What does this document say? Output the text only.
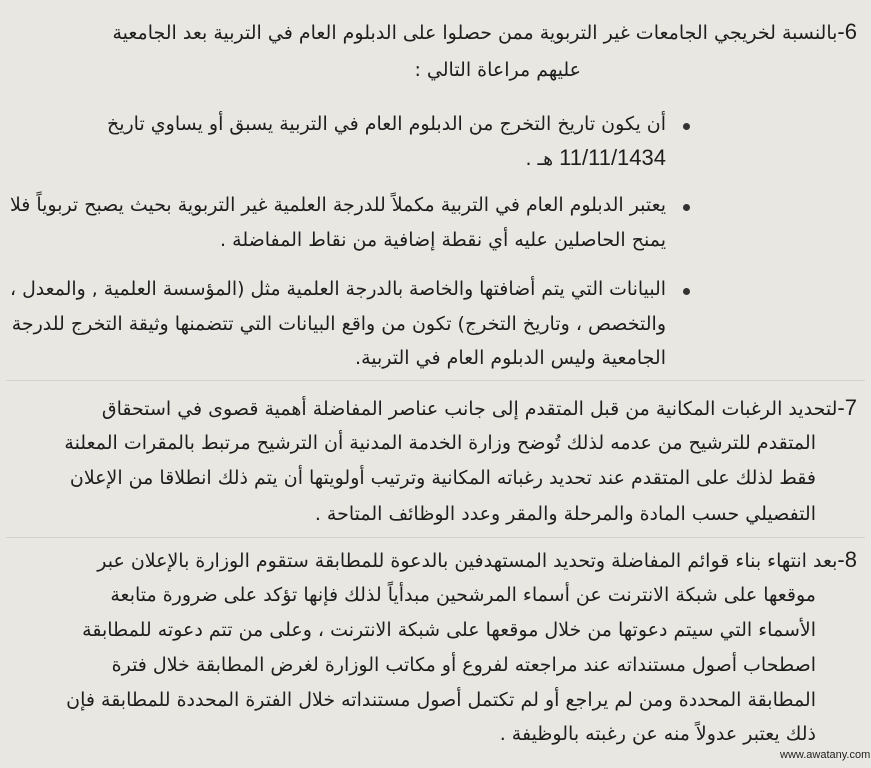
6-بالنسبة لخريجي الجامعات غير التربوية ممن حصلوا على الدبلوم العام في التربية بعد الجامعية
عليهم مراعاة التالي :
أن يكون تاريخ التخرج من الدبلوم العام في التربية يسبق أو يساوي تاريخ
11/11/1434 هـ .
يعتبر الدبلوم العام في التربية مكملاً للدرجة العلمية غير التربوية بحيث يصبح تربوياً فلا
يمنح الحاصلين عليه أي نقطة إضافية من نقاط المفاضلة .
البيانات التي يتم أضافتها والخاصة بالدرجة العلمية مثل (المؤسسة العلمية , والمعدل ،
والتخصص ، وتاريخ التخرج) تكون من واقع البيانات التي تتضمنها وثيقة التخرج للدرجة
الجامعية وليس الدبلوم العام في التربية.
7-لتحديد الرغبات المكانية من قبل المتقدم إلى جانب عناصر المفاضلة أهمية قصوى في استحقاق
المتقدم للترشيح من عدمه لذلك تُوضح وزارة الخدمة المدنية أن الترشيح مرتبط بالمقرات المعلنة
فقط لذلك على المتقدم عند تحديد رغباته المكانية وترتيب أولويتها أن يتم ذلك انطلاقا من الإعلان
التفصيلي حسب المادة والمرحلة والمقر وعدد الوظائف المتاحة .
8-بعد انتهاء بناء قوائم المفاضلة وتحديد المستهدفين بالدعوة للمطابقة ستقوم الوزارة بالإعلان عبر
موقعها على شبكة الانترنت عن أسماء المرشحين مبدأياً لذلك فإنها تؤكد على ضرورة متابعة
الأسماء التي سيتم دعوتها من خلال موقعها على شبكة الانترنت ، وعلى من تتم دعوته للمطابقة
اصطحاب أصول مستنداته عند مراجعته لفروع أو مكاتب الوزارة لغرض المطابقة خلال فترة
المطابقة المحددة ومن لم يراجع أو لم تكتمل أصول مستنداته خلال الفترة المحددة للمطابقة فإن
ذلك يعتبر عدولاً منه عن رغبته بالوظيفة .
www.awatany.com
